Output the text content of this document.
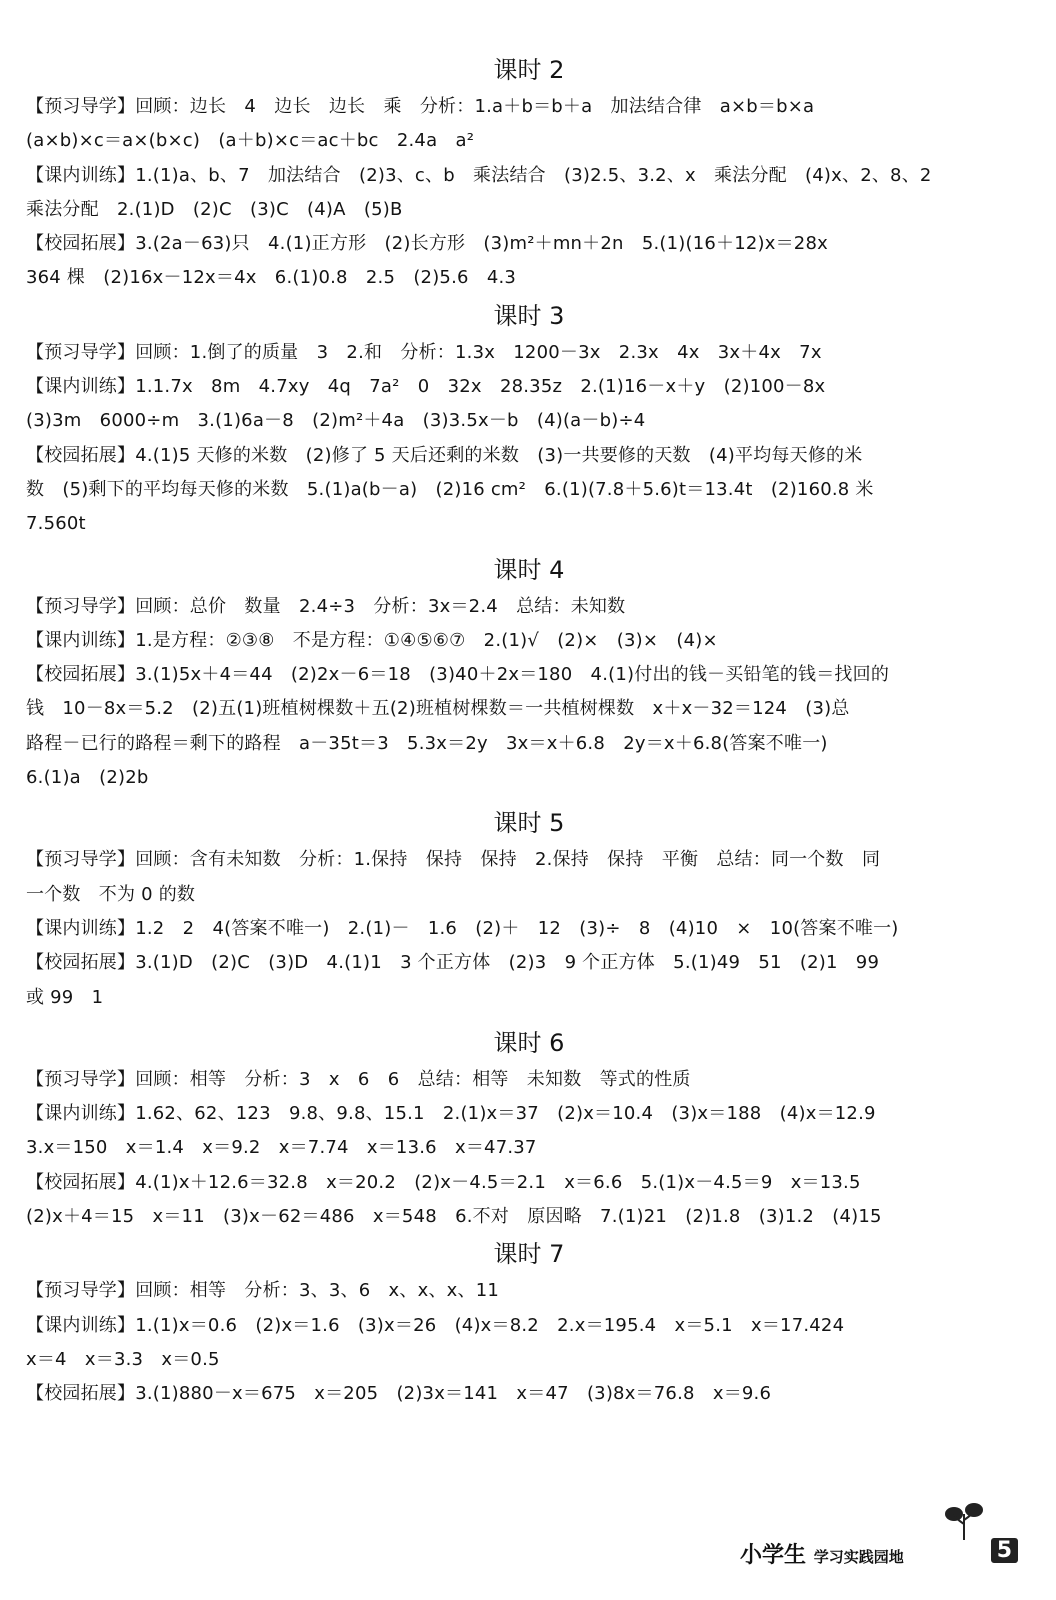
课时 2
【预习导学】回顾：边长　4　边长　边长　乘　分析：1.a＋b＝b＋a　加法结合律　a×b＝b×a
(a×b)×c＝a×(b×c)　(a＋b)×c＝ac＋bc　2.4a　a²
【课内训练】1.(1)a、b、7　加法结合　(2)3、c、b　乘法结合　(3)2.5、3.2、x　乘法分配　(4)x、2、8、2
乘法分配　2.(1)D　(2)C　(3)C　(4)A　(5)B
【校园拓展】3.(2a－63)只　4.(1)正方形　(2)长方形　(3)m²＋mn＋2n　5.(1)(16＋12)x＝28x
364 棵　(2)16x－12x＝4x　6.(1)0.8　2.5　(2)5.6　4.3
课时 3
【预习导学】回顾：1.倒了的质量　3　2.和　分析：1.3x　1200－3x　2.3x　4x　3x＋4x　7x
【课内训练】1.1.7x　8m　4.7xy　4q　7a²　0　32x　28.35z　2.(1)16－x＋y　(2)100－8x
(3)3m　6000÷m　3.(1)6a－8　(2)m²＋4a　(3)3.5x－b　(4)(a－b)÷4
【校园拓展】4.(1)5 天修的米数　(2)修了 5 天后还剩的米数　(3)一共要修的天数　(4)平均每天修的米
数　(5)剩下的平均每天修的米数　5.(1)a(b－a)　(2)16 cm²　6.(1)(7.8＋5.6)t＝13.4t　(2)160.8 米
7.560t
课时 4
【预习导学】回顾：总价　数量　2.4÷3　分析：3x＝2.4　总结：未知数
【课内训练】1.是方程：②③⑧　不是方程：①④⑤⑥⑦　2.(1)√　(2)×　(3)×　(4)×
【校园拓展】3.(1)5x＋4＝44　(2)2x－6＝18　(3)40＋2x＝180　4.(1)付出的钱－买铅笔的钱＝找回的
钱　10－8x＝5.2　(2)五(1)班植树棵数＋五(2)班植树棵数＝一共植树棵数　x＋x－32＝124　(3)总
路程－已行的路程＝剩下的路程　a－35t＝3　5.3x＝2y　3x＝x＋6.8　2y＝x＋6.8(答案不唯一)
6.(1)a　(2)2b
课时 5
【预习导学】回顾：含有未知数　分析：1.保持　保持　保持　2.保持　保持　平衡　总结：同一个数　同
一个数　不为 0 的数
【课内训练】1.2　2　4(答案不唯一)　2.(1)－　1.6　(2)＋　12　(3)÷　8　(4)10　×　10(答案不唯一)
【校园拓展】3.(1)D　(2)C　(3)D　4.(1)1　3 个正方体　(2)3　9 个正方体　5.(1)49　51　(2)1　99
或 99　1
课时 6
【预习导学】回顾：相等　分析：3　x　6　6　总结：相等　未知数　等式的性质
【课内训练】1.62、62、123　9.8、9.8、15.1　2.(1)x＝37　(2)x＝10.4　(3)x＝188　(4)x＝12.9
3.x＝150　x＝1.4　x＝9.2　x＝7.74　x＝13.6　x＝47.37
【校园拓展】4.(1)x＋12.6＝32.8　x＝20.2　(2)x－4.5＝2.1　x＝6.6　5.(1)x－4.5＝9　x＝13.5
(2)x＋4＝15　x＝11　(3)x－62＝486　x＝548　6.不对　原因略　7.(1)21　(2)1.8　(3)1.2　(4)15
课时 7
【预习导学】回顾：相等　分析：3、3、6　x、x、x、11
【课内训练】1.(1)x＝0.6　(2)x＝1.6　(3)x＝26　(4)x＝8.2　2.x＝195.4　x＝5.1　x＝17.424
x＝4　x＝3.3　x＝0.5
【校园拓展】3.(1)880－x＝675　x＝205　(2)3x＝141　x＝47　(3)8x＝76.8　x＝9.6
小学生 学习实践园地	5
